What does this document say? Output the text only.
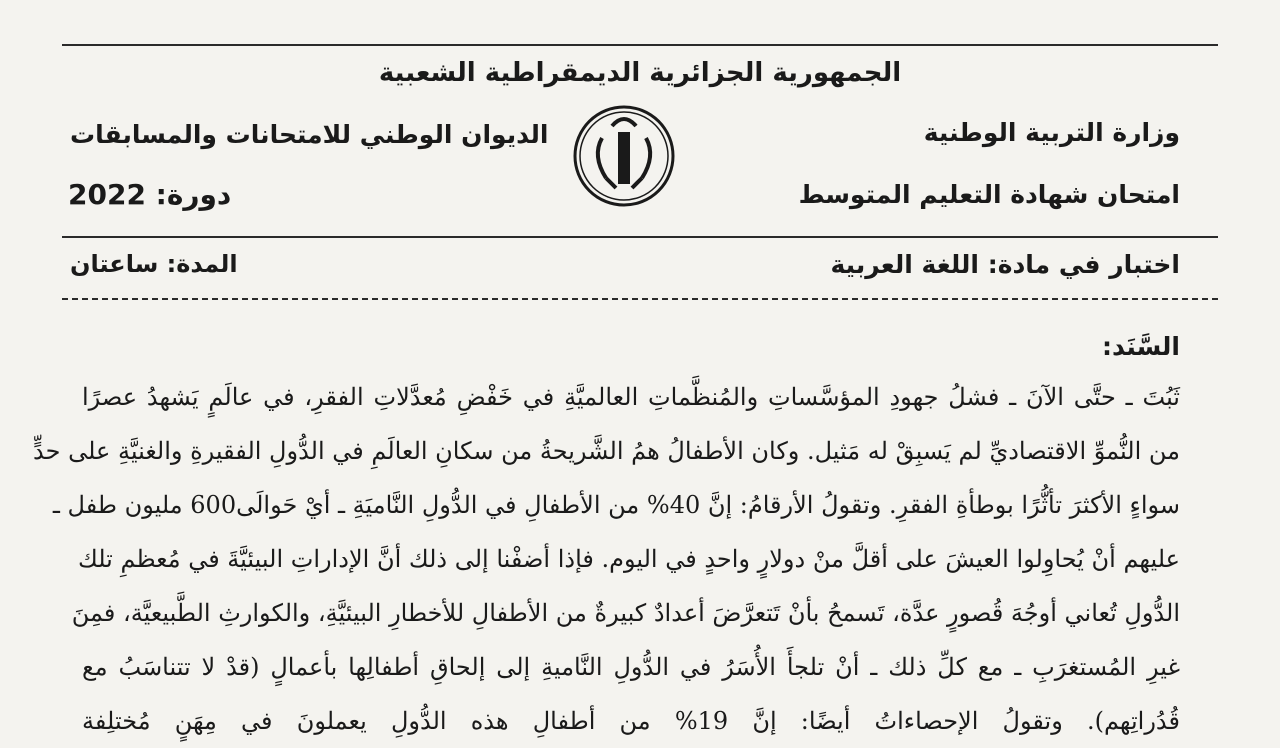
الجمهورية الجزائرية الديمقراطية الشعبية
وزارة التربية الوطنية
الديوان الوطني للامتحانات والمسابقات
امتحان شهادة التعليم المتوسط
دورة: 2022
اختبار في مادة: اللغة العربية
المدة: ساعتان
السَّنَد:
ثَبُتَ ـ حتَّى الآنَ ـ فشلُ جهودِ المؤسَّساتِ والمُنظَّماتِ العالميَّةِ في خَفْضِ مُعدَّلاتِ الفقرِ، في عالَمٍ يَشهدُ عصرًا
من النُّموِّ الاقتصاديِّ لم يَسبِقْ له مَثيل. وكان الأطفالُ همُ الشَّريحةُ من سكانِ العالَمِ في الدُّولِ الفقيرةِ والغنيَّةِ على حدٍّ
سواءٍ الأكثرَ تأثُّرًا بوطأةِ الفقرِ. وتقولُ الأرقامُ: إنَّ 40% من الأطفالِ في الدُّولِ النَّاميَةِ ـ أيْ حَوالَى600 مليون طفل ـ
عليهم أنْ يُحاوِلوا العيشَ على أقلَّ منْ دولارٍ واحدٍ في اليوم. فإذا أضفْنا إلى ذلك أنَّ الإداراتِ البيئيَّةَ في مُعظمِ تلك
الدُّولِ تُعاني أوجُهَ قُصورٍ عدَّة، تَسمحُ بأنْ تَتعرَّضَ أعدادٌ كبيرةٌ من الأطفالِ للأخطارِ البيئيَّةِ، والكوارثِ الطَّبيعيَّة، فمِنَ
غيرِ المُستغرَبِ ـ مع كلِّ ذلك ـ أنْ تلجأَ الأُسَرُ في الدُّولِ النَّاميةِ إلى إلحاقِ أطفالِها بأعمالٍ (قدْ لا تتناسَبُ مع
قُدُراتِهم). وتقولُ الإحصاءاتُ أيضًا: إنَّ 19% من أطفالِ هذه الدُّولِ يعملونَ في مِهَنٍ مُختلِفة
